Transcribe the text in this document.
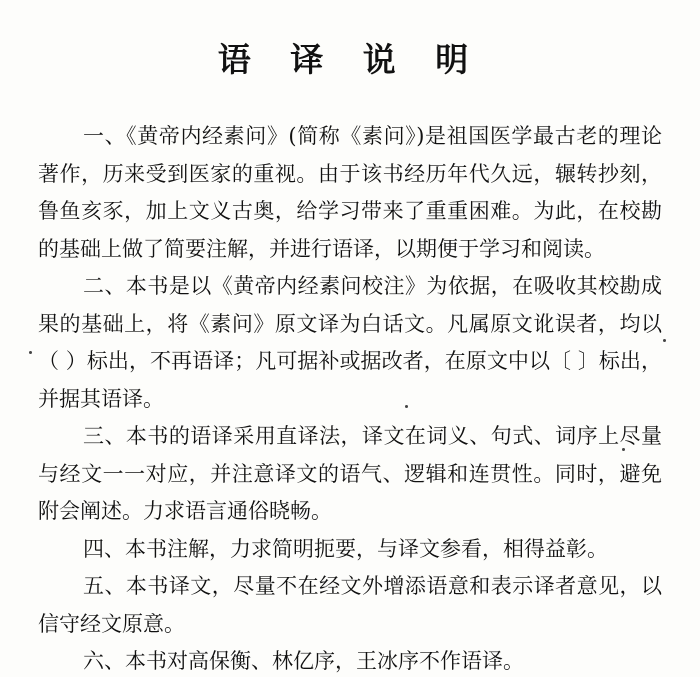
语 译 说 明

一、《黄帝内经素问》(简称《素问》)是祖国医学最古老的理论著作，历来受到医家的重视。由于该书经历年代久远，辗转抄刻，鲁鱼亥豕，加上文义古奥，给学习带来了重重困难。为此，在校勘的基础上做了简要注解，并进行语译，以期便于学习和阅读。

二、本书是以《黄帝内经素问校注》为依据，在吸收其校勘成果的基础上，将《素问》原文译为白话文。凡属原文讹误者，均以（ ）标出，不再语译；凡可据补或据改者，在原文中以〔 〕标出，并据其语译。

三、本书的语译采用直译法，译文在词义、句式、词序上尽量与经文一一对应，并注意译文的语气、逻辑和连贯性。同时，避免附会阐述。力求语言通俗晓畅。

四、本书注解，力求简明扼要，与译文参看，相得益彰。

五、本书译文，尽量不在经文外增添语意和表示译者意见，以信守经文原意。

六、本书对高保衡、林亿序，王冰序不作语译。
